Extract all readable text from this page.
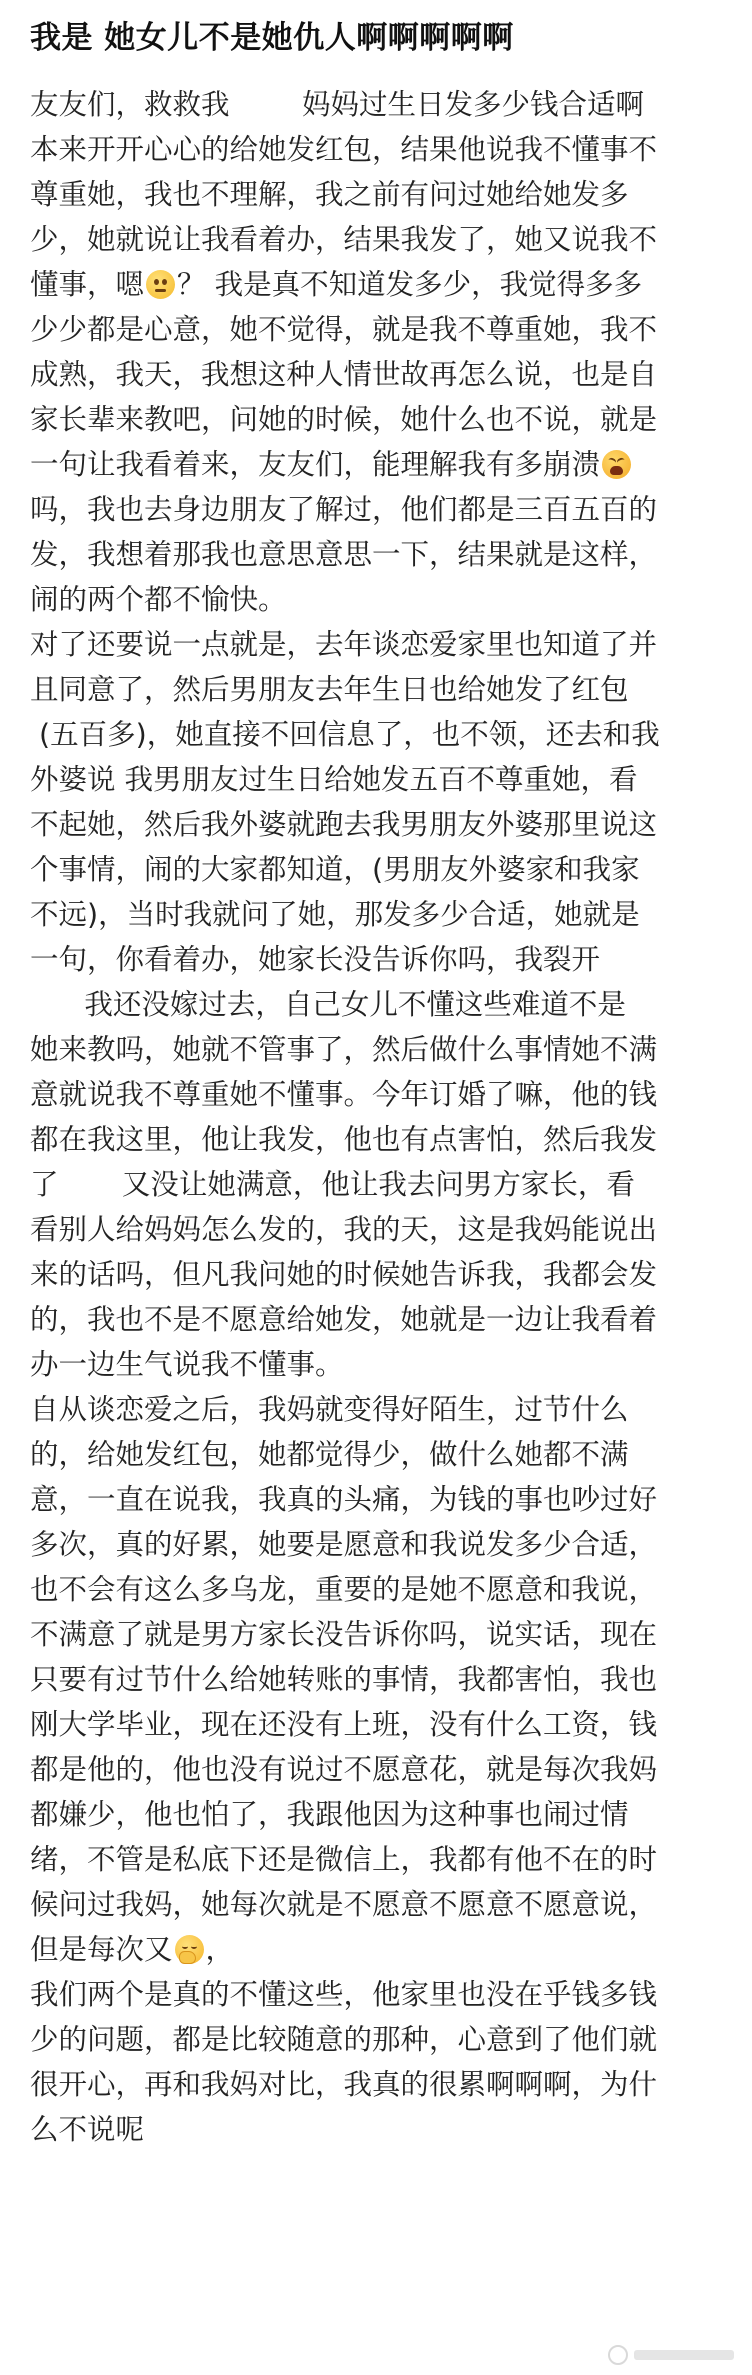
我是 她女儿不是她仇人啊啊啊啊啊
友友们，救救我        妈妈过生日发多少钱合适啊
本来开开心心的给她发红包，结果他说我不懂事不
尊重她，我也不理解，我之前有问过她给她发多
少，她就说让我看着办，结果我发了，她又说我不
懂事，嗯 ？ 我是真不知道发多少，我觉得多多
少少都是心意，她不觉得，就是我不尊重她，我不
成熟，我天，我想这种人情世故再怎么说，也是自
家长辈来教吧，问她的时候，她什么也不说，就是
一句让我看着来，友友们，能理解我有多崩溃
吗，我也去身边朋友了解过，他们都是三百五百的
发，我想着那我也意思意思一下，结果就是这样，
闹的两个都不愉快。
对了还要说一点就是，去年谈恋爱家里也知道了并
且同意了，然后男朋友去年生日也给她发了红包
(五百多)，她直接不回信息了，也不领，还去和我
外婆说 我男朋友过生日给她发五百不尊重她，看
不起她，然后我外婆就跑去我男朋友外婆那里说这
个事情，闹的大家都知道，(男朋友外婆家和我家
不远)，当时我就问了她，那发多少合适，她就是
一句，你看着办，她家长没告诉你吗，我裂开
我还没嫁过去，自己女儿不懂这些难道不是
她来教吗，她就不管事了，然后做什么事情她不满
意就说我不尊重她不懂事。今年订婚了嘛，他的钱
都在我这里，他让我发，他也有点害怕，然后我发
了       又没让她满意，他让我去问男方家长，看
看别人给妈妈怎么发的，我的天，这是我妈能说出
来的话吗，但凡我问她的时候她告诉我，我都会发
的，我也不是不愿意给她发，她就是一边让我看着
办一边生气说我不懂事。
自从谈恋爱之后，我妈就变得好陌生，过节什么
的，给她发红包，她都觉得少，做什么她都不满
意，一直在说我，我真的头痛，为钱的事也吵过好
多次，真的好累，她要是愿意和我说发多少合适，
也不会有这么多乌龙，重要的是她不愿意和我说，
不满意了就是男方家长没告诉你吗，说实话，现在
只要有过节什么给她转账的事情，我都害怕，我也
刚大学毕业，现在还没有上班，没有什么工资，钱
都是他的，他也没有说过不愿意花，就是每次我妈
都嫌少，他也怕了，我跟他因为这种事也闹过情
绪，不管是私底下还是微信上，我都有他不在的时
候问过我妈，她每次就是不愿意不愿意不愿意说，
但是每次又 ，
我们两个是真的不懂这些，他家里也没在乎钱多钱
少的问题，都是比较随意的那种，心意到了他们就
很开心，再和我妈对比，我真的很累啊啊啊，为什
么不说呢
